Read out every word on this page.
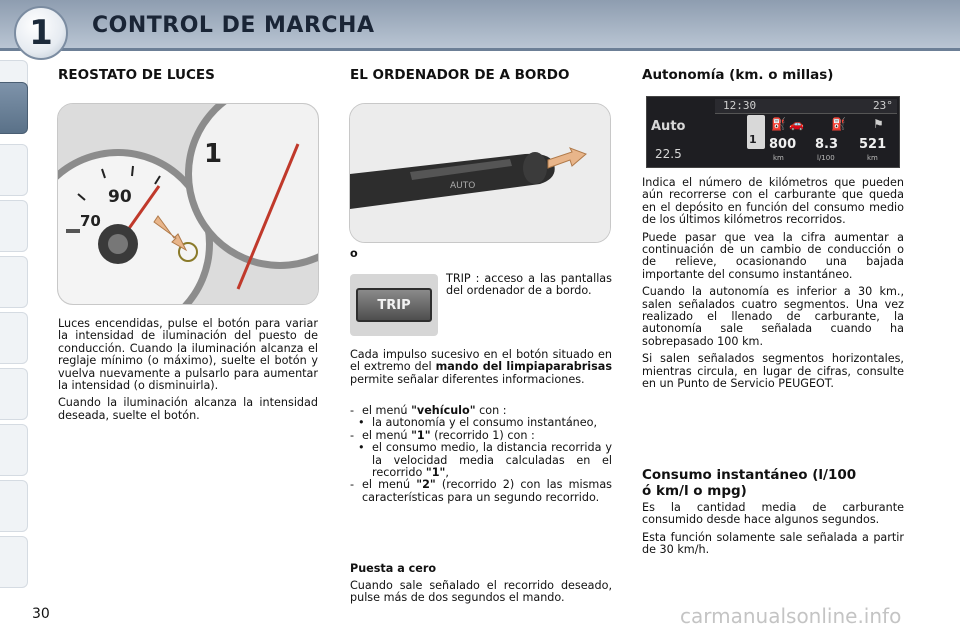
1	CONTROL DE MARCHA
REOSTATO DE LUCES
90
70
1

Luces encendidas, pulse el botón para variar la intensidad de iluminación del puesto de conducción. Cuando la iluminación alcanza el reglaje mínimo (o máximo), suelte el botón y vuelva nuevamente a pulsarlo para aumentar la intensidad (o disminuirla).

Cuando la iluminación alcanza la intensidad deseada, suelte el botón.

EL ORDENADOR DE A BORDO
AUTO
o
TRIP
TRIP : acceso a las pantallas del ordenador de a bordo.
Cada impulso sucesivo en el botón situado en el extremo del mando del limpiaparabrisas permite señalar diferentes informaciones.
- el menú "vehículo" con :
• la autonomía y el consumo instantáneo,
- el menú "1" (recorrido 1) con :
• el consumo medio, la distancia recorrida y la velocidad media calculadas en el recorrido "1",
- el menú "2" (recorrido 2) con las mismas características para un segundo recorrido.
Puesta a cero
Cuando sale señalado el recorrido deseado, pulse más de dos segundos el mando.
Autonomía (km. o millas)
12:30	23°
Auto
22.5
1
⛽ 🚗 ⛽ ⚑
800 8.3 521
km	l/100	km

Indica el número de kilómetros que pueden aún recorrerse con el carburante que queda en el depósito en función del consumo medio de los últimos kilómetros recorridos.

Puede pasar que vea la cifra aumentar a continuación de un cambio de conducción o de relieve, ocasionando una bajada importante del consumo instantáneo.

Cuando la autonomía es inferior a 30 km., salen señalados cuatro segmentos. Una vez realizado el llenado de carburante, la autonomía sale señalada cuando ha sobrepasado 100 km.

Si salen señalados segmentos horizontales, mientras circula, en lugar de cifras, consulte en un Punto de Servicio PEUGEOT.

Consumo instantáneo (l/100 ó km/l o mpg)

Es la cantidad media de carburante consumido desde hace algunos segundos.

Esta función solamente sale señalada a partir de 30 km/h.

30	carmanualsonline.info
